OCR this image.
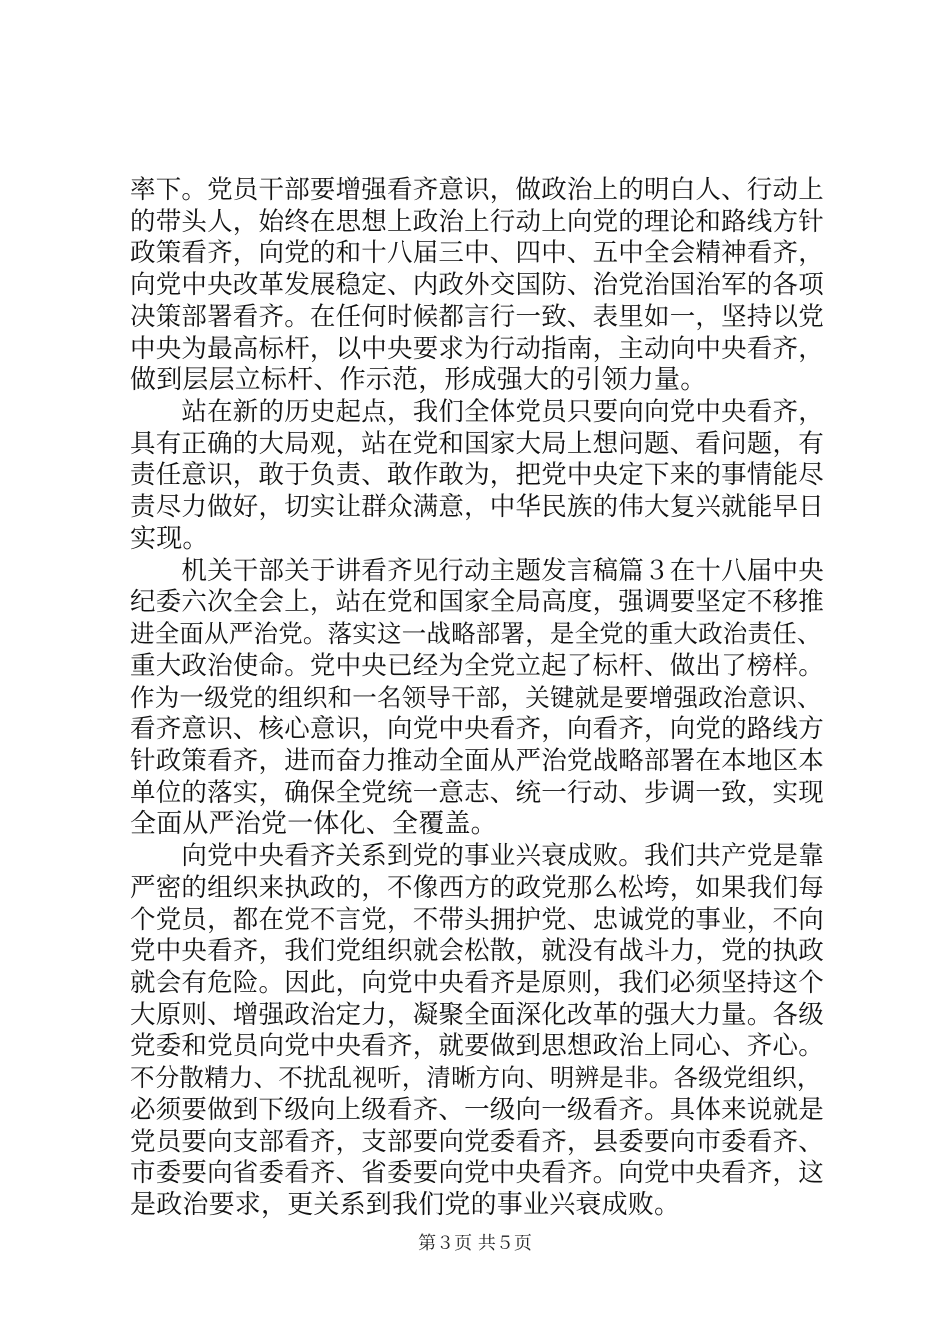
率下。党员干部要增强看齐意识，做政治上的明白人、行动上
的带头人，始终在思想上政治上行动上向党的理论和路线方针
政策看齐，向党的和十八届三中、四中、五中全会精神看齐，
向党中央改革发展稳定、内政外交国防、治党治国治军的各项
决策部署看齐。在任何时候都言行一致、表里如一，坚持以党
中央为最高标杆，以中央要求为行动指南，主动向中央看齐，
做到层层立标杆、作示范，形成强大的引领力量。
　　站在新的历史起点，我们全体党员只要向向党中央看齐，
具有正确的大局观，站在党和国家大局上想问题、看问题，有
责任意识，敢于负责、敢作敢为，把党中央定下来的事情能尽
责尽力做好，切实让群众满意，中华民族的伟大复兴就能早日
实现。
　　机关干部关于讲看齐见行动主题发言稿篇３在十八届中央
纪委六次全会上，站在党和国家全局高度，强调要坚定不移推
进全面从严治党。落实这一战略部署，是全党的重大政治责任、
重大政治使命。党中央已经为全党立起了标杆、做出了榜样。
作为一级党的组织和一名领导干部，关键就是要增强政治意识、
看齐意识、核心意识，向党中央看齐，向看齐，向党的路线方
针政策看齐，进而奋力推动全面从严治党战略部署在本地区本
单位的落实，确保全党统一意志、统一行动、步调一致，实现
全面从严治党一体化、全覆盖。
　　向党中央看齐关系到党的事业兴衰成败。我们共产党是靠
严密的组织来执政的，不像西方的政党那么松垮，如果我们每
个党员，都在党不言党，不带头拥护党、忠诚党的事业，不向
党中央看齐，我们党组织就会松散，就没有战斗力，党的执政
就会有危险。因此，向党中央看齐是原则，我们必须坚持这个
大原则、增强政治定力，凝聚全面深化改革的强大力量。各级
党委和党员向党中央看齐，就要做到思想政治上同心、齐心。
不分散精力、不扰乱视听，清晰方向、明辨是非。各级党组织，
必须要做到下级向上级看齐、一级向一级看齐。具体来说就是
党员要向支部看齐，支部要向党委看齐，县委要向市委看齐、
市委要向省委看齐、省委要向党中央看齐。向党中央看齐，这
是政治要求，更关系到我们党的事业兴衰成败。
第３页 共５页
